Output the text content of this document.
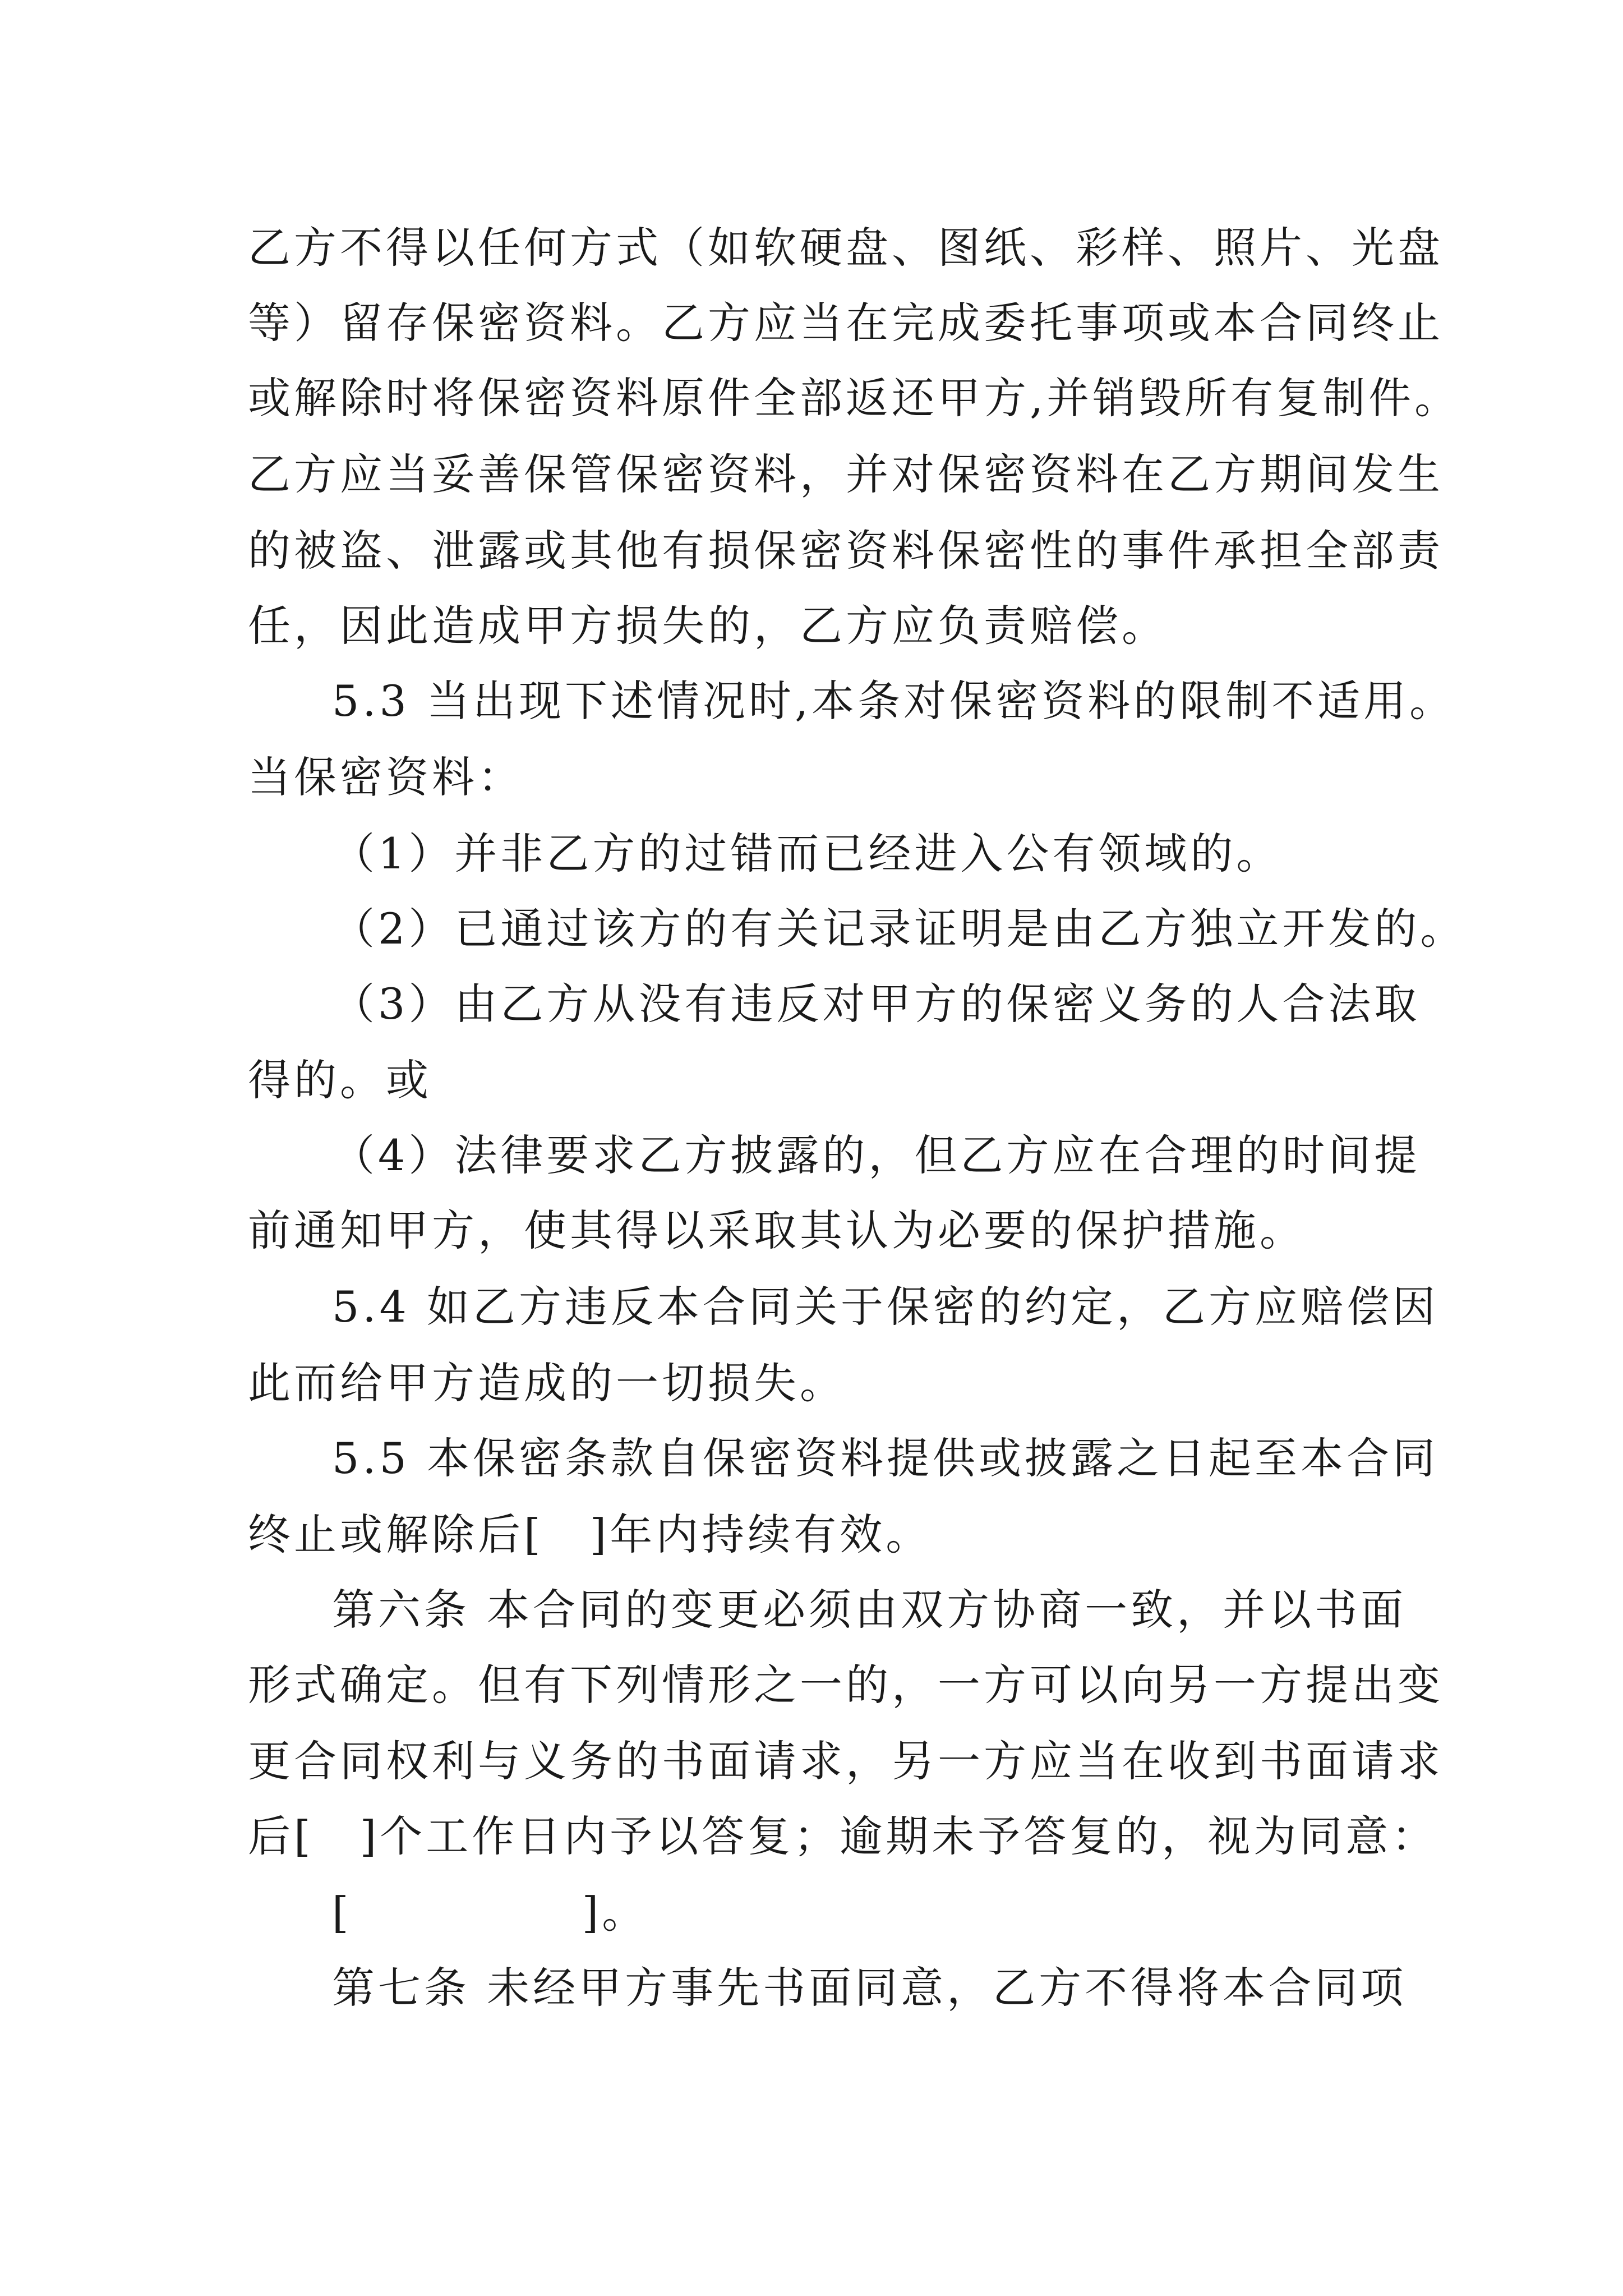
乙方不得以任何方式（如软硬盘、图纸、彩样、照片、光盘

等）留存保密资料。乙方应当在完成委托事项或本合同终止

或解除时将保密资料原件全部返还甲方,并销毁所有复制件。

乙方应当妥善保管保密资料，并对保密资料在乙方期间发生

的被盗、泄露或其他有损保密资料保密性的事件承担全部责

任，因此造成甲方损失的，乙方应负责赔偿。

5.3 当出现下述情况时,本条对保密资料的限制不适用。

当保密资料：

（1）并非乙方的过错而已经进入公有领域的。

（2）已通过该方的有关记录证明是由乙方独立开发的。

（3）由乙方从没有违反对甲方的保密义务的人合法取

得的。或

（4）法律要求乙方披露的，但乙方应在合理的时间提

前通知甲方，使其得以采取其认为必要的保护措施。

5.4 如乙方违反本合同关于保密的约定，乙方应赔偿因

此而给甲方造成的一切损失。

5.5 本保密条款自保密资料提供或披露之日起至本合同

终止或解除后[　]年内持续有效。

第六条 本合同的变更必须由双方协商一致，并以书面

形式确定。但有下列情形之一的，一方可以向另一方提出变

更合同权利与义务的书面请求，另一方应当在收到书面请求

后[　]个工作日内予以答复；逾期未予答复的，视为同意：

[　　　　　]。

第七条 未经甲方事先书面同意，乙方不得将本合同项
